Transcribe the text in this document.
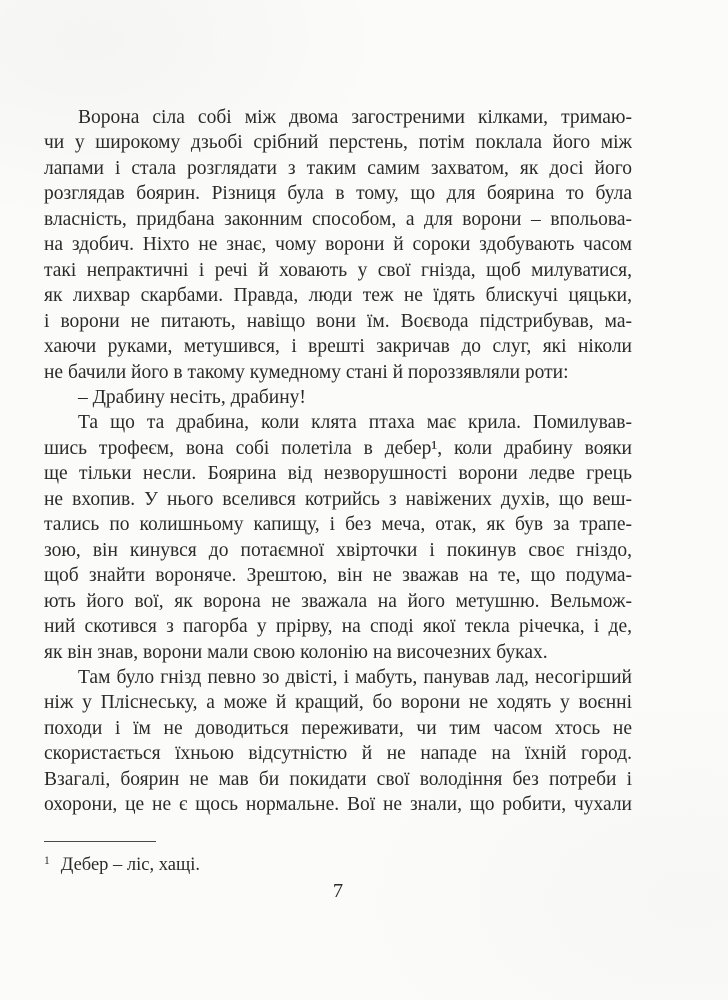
Ворона сіла собі між двома загостреними кілками, тримаю-
чи у широкому дзьобі срібний перстень, потім поклала його між
лапами і стала розглядати з таким самим захватом, як досі його
розглядав боярин. Різниця була в тому, що для боярина то була
власність, придбана законним способом, а для ворони – впольова-
на здобич. Ніхто не знає, чому ворони й сороки здобувають часом
такі непрактичні і речі й ховають у свої гнізда, щоб милуватися,
як лихвар скарбами. Правда, люди теж не їдять блискучі цяцьки,
і ворони не питають, навіщо вони їм. Воєвода підстрибував, ма-
хаючи руками, метушився, і врешті закричав до слуг, які ніколи
не бачили його в такому кумедному стані й пороззявляли роти:
– Драбину несіть, драбину!
Та що та драбина, коли клята птаха має крила. Помилував-
шись трофеєм, вона собі полетіла в дебер¹, коли драбину вояки
ще тільки несли. Боярина від незворушності ворони ледве грець
не вхопив. У нього вселився котрийсь з навіжених духів, що веш-
тались по колишньому капищу, і без меча, отак, як був за трапе-
зою, він кинувся до потаємної хвірточки і покинув своє гніздо,
щоб знайти вороняче. Зрештою, він не зважав на те, що подума-
ють його вої, як ворона не зважала на його метушню. Вельмож-
ний скотився з пагорба у прірву, на споді якої текла річечка, і де,
як він знав, ворони мали свою колонію на височезних буках.
Там було гнізд певно зо двісті, і мабуть, панував лад, несогірший
ніж у Пліснеську, а може й кращий, бо ворони не ходять у воєнні
походи і їм не доводиться переживати, чи тим часом хтось не
скористається їхньою відсутністю й не нападе на їхній город.
Взагалі, боярин не мав би покидати свої володіння без потреби і
охорони, це не є щось нормальне. Вої не знали, що робити, чухали
$^1$ Дебер – ліс, хащі.
7
